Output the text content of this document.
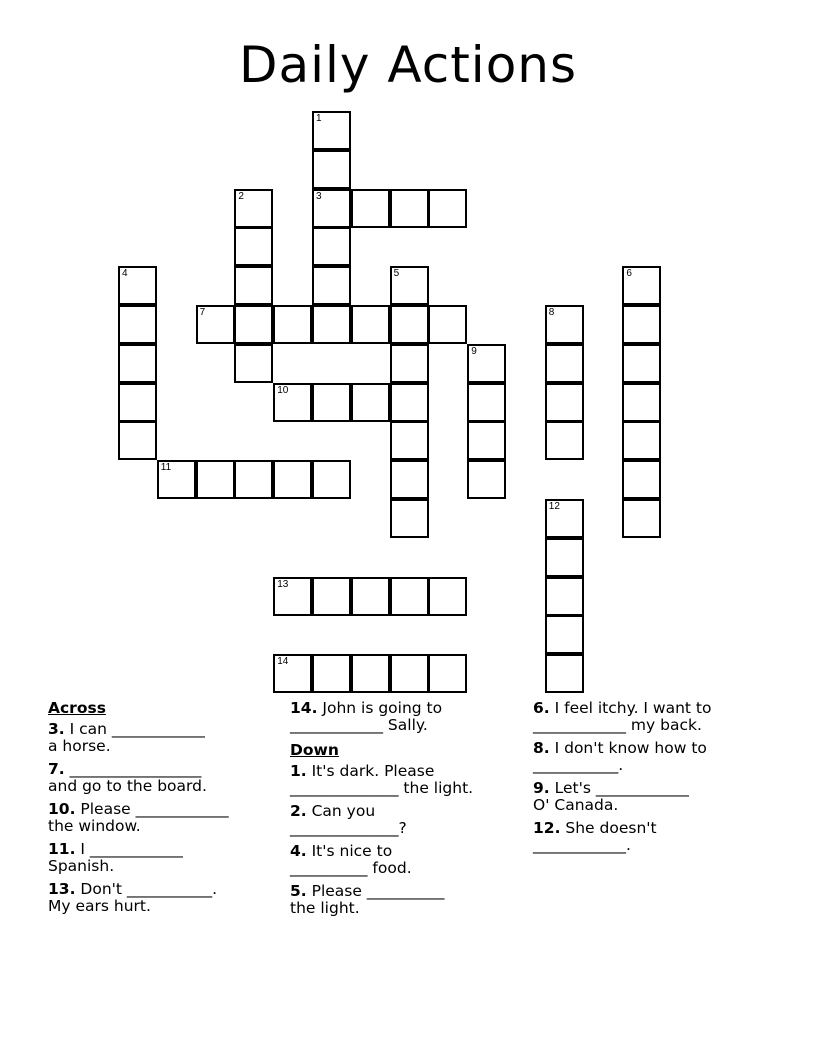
Daily Actions
1
2	3
4	5	6
7	8
9
10
11
12
13
14
Across
3. I can ____________
a horse.
7. _________________
and go to the board.
10. Please ____________
the window.
11. I ____________
Spanish.
13. Don't ___________.
My ears hurt.
14. John is going to
____________ Sally.
Down
1. It's dark. Please
______________ the light.
2. Can you
______________?
4. It's nice to
__________ food.
5. Please __________
the light.
6. I feel itchy. I want to
____________ my back.
8. I don't know how to
___________.
9. Let's ____________
O' Canada.
12. She doesn't
____________.
